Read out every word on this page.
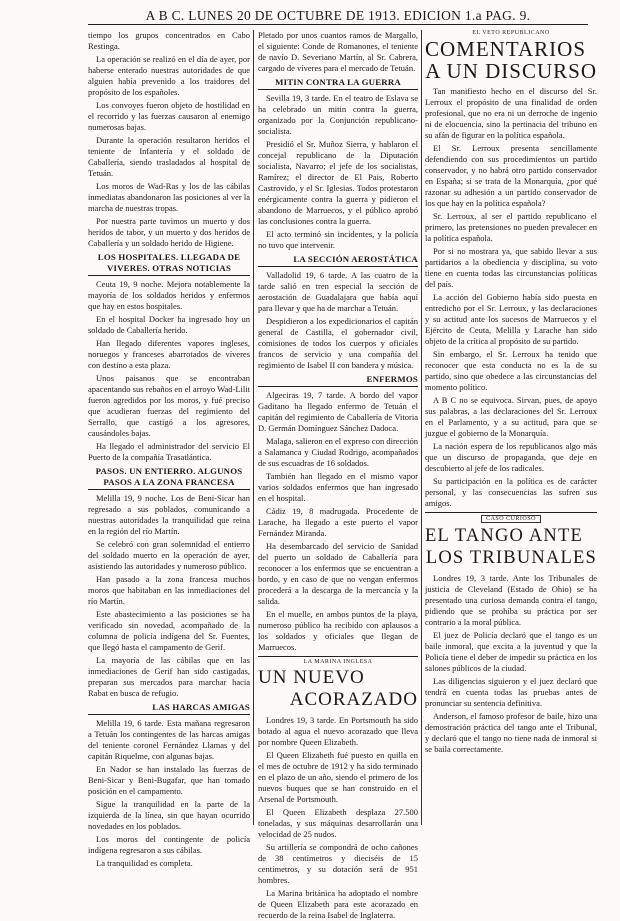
A B C. LUNES 20 DE OCTUBRE DE 1913. EDICION 1.a PAG. 9.

tiempo los grupos concentrados en Cabo Restinga.

La operación se realizó en el día de ayer, por haberse enterado nuestras autoridades de que alguien había prevenido a los traidores del propósito de los españoles.

Los convoyes fueron objeto de hostilidad en el recorrido y las fuerzas causaron al enemigo numerosas bajas.

Durante la operación resultaron heridos el teniente de Infantería y el soldado de Caballería, siendo trasladados al hospital de Tetuán.

Los moros de Wad-Ras y los de las cábilas inmediatas abandonaron las posiciones al ver la marcha de nuestras tropas.

Por nuestra parte tuvimos un muerto y dos heridos de tabor, y un muerto y dos heridos de Caballería y un soldado herido de Higiene.

LOS HOSPITALES. LLEGADA DE VIVERES. OTRAS NOTICIAS

Ceuta 19, 9 noche. Mejora notablemente la mayoría de los soldados heridos y enfermos que hay en estos hospitales.

En el hospital Docker ha ingresado hoy un soldado de Caballería herido.

Han llegado diferentes vapores ingleses, noruegos y franceses abarrotados de víveres con destino a esta plaza.

Unos paisanos que se encontraban apacentando sus rebaños en el arroyo Wad-Lilit fueron agredidos por los moros, y fué preciso que acudieran fuerzas del regimiento del Serrallo, que castigó a los agresores, causándoles bajas.

Ha llegado el administrador del servicio El Puerto de la compañía Trasatlántica.

PASOS. UN ENTIERRO. ALGUNOS PASOS A LA ZONA FRANCESA

Melilla 19, 9 noche. Los de Beni-Sicar han regresado a sus poblados, comunicando a nuestras autoridades la tranquilidad que reina en la región del río Martín.

Se celebró con gran solemnidad el entierro del soldado muerto en la operación de ayer, asistiendo las autoridades y numeroso público.

Han pasado a la zona francesa muchos moros que habitaban en las inmediaciones del río Martín.

Este abastecimiento a las posiciones se ha verificado sin novedad, acompañado de la columna de policía indígena del Sr. Fuentes, que llegó hasta el campamento de Gerif.

La mayoría de las cábilas que en las inmediaciones de Gerif han sido castigadas, preparan sus mercados para marchar hacia Rabat en busca de refugio.

LAS HARCAS AMIGAS

Melilla 19, 6 tarde. Esta mañana regresaron a Tetuán los contingentes de las harcas amigas del teniente coronel Fernández Llamas y del capitán Riquelme, con algunas bajas.

En Nador se han instalado las fuerzas de Beni-Sicar y Beni-Bugafar, que han tomado posición en el campamento.

Sigue la tranquilidad en la parte de la izquierda de la línea, sin que hayan ocurrido novedades en los poblados.

Los moros del contingente de policía indígena regresaron a sus cábilas.

La tranquilidad es completa.

Pletado por unos cuantos ramos de Margallo, el siguiente: Conde de Romanones, el teniente de navío D. Severiano Martín, al Sr. Cabrera, cargado de víveres para el mercado de Tetuán.

MITIN CONTRA LA GUERRA

Sevilla 19, 3 tarde. En el teatro de Eslava se ha celebrado un mitin contra la guerra, organizado por la Conjunción republicano-socialista.

Presidió el Sr. Muñoz Sierra, y hablaron el concejal republicano de la Diputación socialista, Navarro; el jefe de los socialistas, Ramírez; el director de El Pais, Roberto Castrovido, y el Sr. Iglesias. Todos protestaron enérgicamente contra la guerra y pidieron el abandono de Marruecos, y el público aprobó las conclusiones contra la guerra.

El acto terminó sin incidentes, y la policía no tuvo que intervenir.

LA SECCIÓN AEROSTÁTICA

Valladolid 19, 6 tarde. A las cuatro de la tarde salió en tren especial la sección de aerostación de Guadalajara que había aquí para llevar y que ha de marchar a Tetuán.

Despidieron a los expedicionarios el capitán general de Castilla, el gobernador civil, comisiones de todos los cuerpos y oficiales francos de servicio y una compañía del regimiento de Isabel II con bandera y música.

ENFERMOS

Algeciras 19, 7 tarde. A bordo del vapor Gaditano ha llegado enfermo de Tetuán el capitán del regimiento de Caballería de Vitoria D. Germán Domínguez Sánchez Dadoca.

Malaga, salieron en el expreso con dirección a Salamanca y Ciudad Rodrigo, acompañados de sus escuadras de 16 soldados.

También han llegado en el mismo vapor varios soldados enfermos que han ingresado en el hospital.

Cádiz 19, 8 madrugada. Procedente de Larache, ha llegado a este puerto el vapor Fernández Miranda.

Ha desembarcado del servicio de Sanidad del puerto un soldado de Caballería para reconocer a los enfermos que se encuentran a bordo, y en caso de que no vengan enfermos procederá a la descarga de la mercancía y la salida.

En el muelle, en ambos puntos de la playa, numeroso público ha recibido con aplausos a los soldados y oficiales que llegan de Marruecos.

LA MARINA INGLESA
UN NUEVO
ACORAZADO

Londres 19, 3 tarde. En Portsmouth ha sido botado al agua el nuevo acorazado que lleva por nombre Queen Elizabeth.

El Queen Elizabeth fué puesto en quilla en el mes de octubre de 1912 y ha sido terminado en el plazo de un año, siendo el primero de los nuevos buques que se han construido en el Arsenal de Portsmouth.

El Queen Elizabeth desplaza 27.500 toneladas, y sus máquinas desarrollarán una velocidad de 25 nudos.

Su artillería se compondrá de ocho cañones de 38 centímetros y dieciséis de 15 centímetros, y su dotación será de 951 hombres.

La Marina británica ha adoptado el nombre de Queen Elizabeth para este acorazado en recuerdo de la reina Isabel de Inglaterra.

EL VETO REPUBLICANO
COMENTARIOS
A UN DISCURSO

Tan manifiesto hecho en el discurso del Sr. Lerroux el propósito de una finalidad de orden profesional, que no era ni un derroche de ingenio ni de elocuencia, sino la pertinacia del tribuno en su afán de figurar en la política española.

El Sr. Lerroux presenta sencillamente defendiendo con sus procedimientos un partido conservador, y no habrá otro partido conservador en España; si se trata de la Monarquía, ¿por qué razonar su adhesión a un partido conservador de los que hay en la política española?

Sr. Lerroux, al ser el partido republicano el primero, las pretensiones no pueden prevalecer en la política española.

Por si no mostrara ya, que sabido llevar a sus partidarios a la obediencia y disciplina, su voto tiene en cuenta todas las circunstancias políticas del país.

La acción del Gobierno había sido puesta en entredicho por el Sr. Lerroux, y las declaraciones y su actitud ante los sucesos de Marruecos y el Ejército de Ceuta, Melilla y Larache han sido objeto de la crítica al propósito de su partido.

Sin embargo, el Sr. Lerroux ha tenido que reconocer que esta conducta no es la de su partido, sino que obedece a las circunstancias del momento político.

A B C no se equivoca. Sirvan, pues, de apoyo sus palabras, a las declaraciones del Sr. Lerroux en el Parlamento, y a su actitud, para que se juzgue el gobierno de la Monarquía.

La nación espera de los republicanos algo más que un discurso de propaganda, que deje en descubierto al jefe de los radicales.

Su participación en la política es de carácter personal, y las consecuencias las sufren sus amigos.

CASO CURIOSO
EL TANGO ANTE
LOS TRIBUNALES

Londres 19, 3 tarde. Ante los Tribunales de justicia de Cleveland (Estado de Ohio) se ha presentado una curiosa demanda contra el tango, pidiendo que se prohíba su práctica por ser contrario a la moral pública.

El juez de Policía declaró que el tango es un baile inmoral, que excita a la juventud y que la Policía tiene el deber de impedir su práctica en los salones públicos de la ciudad.

Las diligencias siguieron y el juez declaró que tendrá en cuenta todas las pruebas antes de pronunciar su sentencia definitiva.

Anderson, el famoso profesor de baile, hizo una demostración práctica del tango ante el Tribunal, y declaró que el tango no tiene nada de inmoral si se baila correctamente.
